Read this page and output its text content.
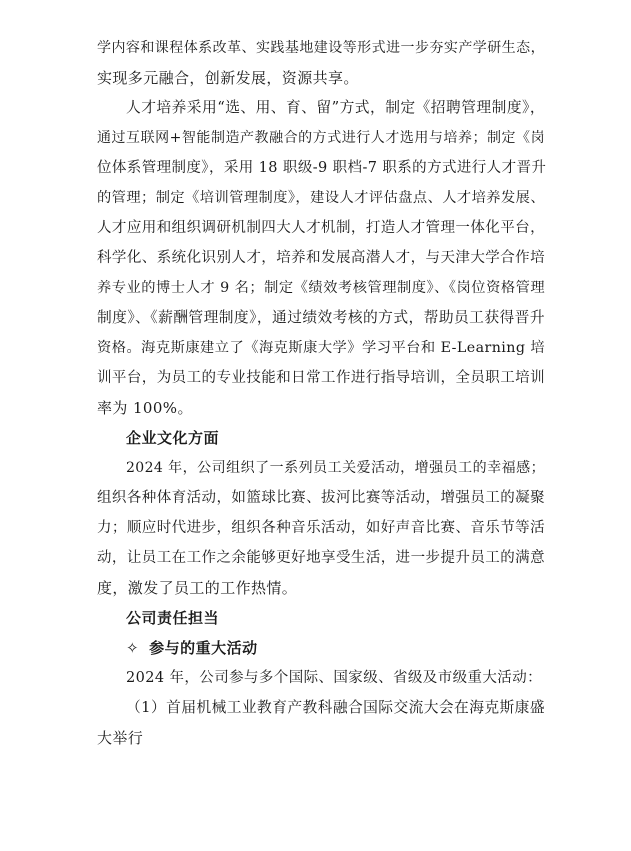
学内容和课程体系改革、实践基地建设等形式进一步夯实产学研生态，
实现多元融合，创新发展，资源共享。
人才培养采用“选、用、育、留”方式，制定《招聘管理制度》，
通过互联网+智能制造产教融合的方式进行人才选用与培养；制定《岗
位体系管理制度》，采用 18 职级-9 职档-7 职系的方式进行人才晋升
的管理；制定《培训管理制度》，建设人才评估盘点、人才培养发展、
人才应用和组织调研机制四大人才机制，打造人才管理一体化平台，
科学化、系统化识别人才，培养和发展高潜人才，与天津大学合作培
养专业的博士人才 9 名；制定《绩效考核管理制度》、《岗位资格管理
制度》、《薪酬管理制度》，通过绩效考核的方式，帮助员工获得晋升
资格。海克斯康建立了《海克斯康大学》学习平台和 E-Learning 培
训平台，为员工的专业技能和日常工作进行指导培训，全员职工培训
率为 100%。
企业文化方面
2024 年，公司组织了一系列员工关爱活动，增强员工的幸福感；
组织各种体育活动，如篮球比赛、拔河比赛等活动，增强员工的凝聚
力；顺应时代进步，组织各种音乐活动，如好声音比赛、音乐节等活
动，让员工在工作之余能够更好地享受生活，进一步提升员工的满意
度，激发了员工的工作热情。
公司责任担当
✧ 参与的重大活动
2024 年，公司参与多个国际、国家级、省级及市级重大活动：
（1）首届机械工业教育产教科融合国际交流大会在海克斯康盛
大举行
